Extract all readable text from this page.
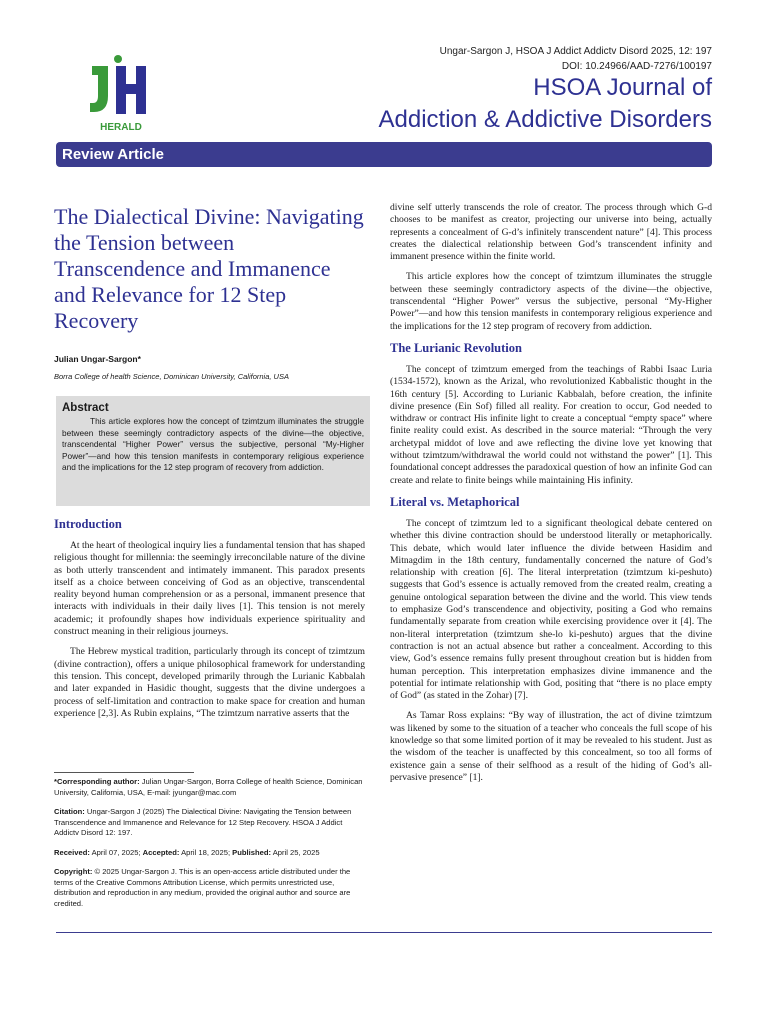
HERALD
Ungar-Sargon J, HSOA J Addict Addictv Disord 2025, 12: 197
DOI: 10.24966/AAD-7276/100197
HSOA Journal of
Addiction & Addictive Disorders
Review Article
The Dialectical Divine: Navigating the Tension between Transcendence and Immanence and Relevance for 12 Step Recovery

Julian Ungar-Sargon*

Borra College of health Science, Dominican University, California, USA

Abstract

This article explores how the concept of tzimtzum illuminates the struggle between these seemingly contradictory aspects of the divine—the objective, transcendental “Higher Power” versus the subjective, personal “My-Higher Power”—and how this tension manifests in contemporary religious experience and the implications for the 12 step program of recovery from addiction.

Introduction

At the heart of theological inquiry lies a fundamental tension that has shaped religious thought for millennia: the seemingly irreconcilable nature of the divine as both utterly transcendent and intimately immanent. This paradox presents itself as a choice between conceiving of God as an objective, transcendental reality beyond human comprehension or as a personal, immanent presence that interacts with individuals in their daily lives [1]. This tension is not merely academic; it profoundly shapes how individuals experience spirituality and construct meaning in their religious journeys.

The Hebrew mystical tradition, particularly through its concept of tzimtzum (divine contraction), offers a unique philosophical framework for understanding this tension. This concept, developed primarily through the Lurianic Kabbalah and later expanded in Hasidic thought, suggests that the divine undergoes a process of self-limitation and contraction to make space for creation and human experience [2,3]. As Rubin explains, “The tzimtzum narrative asserts that the

*Corresponding author: Julian Ungar-Sargon, Borra College of health Science, Dominican University, California, USA, E-mail: jyungar@mac.com

Citation: Ungar-Sargon J (2025) The Dialectical Divine: Navigating the Tension between Transcendence and Immanence and Relevance for 12 Step Recovery. HSOA J Addict Addictv Disord 12: 197.

Received: April 07, 2025; Accepted: April 18, 2025; Published: April 25, 2025

Copyright: © 2025 Ungar-Sargon J. This is an open-access article distributed under the terms of the Creative Commons Attribution License, which permits unrestricted use, distribution and reproduction in any medium, provided the original author and source are credited.

divine self utterly transcends the role of creator. The process through which G-d chooses to be manifest as creator, projecting our universe into being, actually represents a concealment of G-d’s infinitely transcendent nature” [4]. This process creates the dialectical relationship between God’s transcendent infinity and immanent presence within the finite world.

This article explores how the concept of tzimtzum illuminates the struggle between these seemingly contradictory aspects of the divine—the objective, transcendental “Higher Power” versus the subjective, personal “My-Higher Power”—and how this tension manifests in contemporary religious experience and the implications for the 12 step program of recovery from addiction.

The Lurianic Revolution

The concept of tzimtzum emerged from the teachings of Rabbi Isaac Luria (1534-1572), known as the Arizal, who revolutionized Kabbalistic thought in the 16th century [5]. According to Lurianic Kabbalah, before creation, the infinite divine presence (Ein Sof) filled all reality. For creation to occur, God needed to withdraw or contract His infinite light to create a conceptual “empty space” where finite reality could exist. As described in the source material: “Through the very archetypal middot of love and awe reflecting the divine love yet knowing that without tzimtzum/withdrawal the world could not withstand the power” [1]. This foundational concept addresses the paradoxical question of how an infinite God can create and relate to finite beings while maintaining His infinity.

Literal vs. Metaphorical

The concept of tzimtzum led to a significant theological debate centered on whether this divine contraction should be understood literally or metaphorically. This debate, which would later influence the divide between Hasidim and Mitnagdim in the 18th century, fundamentally concerned the nature of God’s relationship with creation [6]. The literal interpretation (tzimtzum ki-peshuto) suggests that God’s essence is actually removed from the created realm, creating a genuine ontological separation between the divine and the world. This view tends to emphasize God’s transcendence and objectivity, positing a God who remains fundamentally separate from creation while exercising providence over it [4]. The non-literal interpretation (tzimtzum she-lo ki-peshuto) argues that the divine contraction is not an actual absence but rather a concealment. According to this view, God’s essence remains fully present throughout creation but is hidden from human perception. This interpretation emphasizes divine immanence and the potential for intimate relationship with God, positing that “there is no place empty of God” (as stated in the Zohar) [7].

As Tamar Ross explains: “By way of illustration, the act of divine tzimtzum was likened by some to the situation of a teacher who conceals the full scope of his knowledge so that some limited portion of it may be revealed to his student. Just as the wisdom of the teacher is unaffected by this concealment, so too all forms of existence gain a sense of their selfhood as a result of the hiding of God’s all-pervasive presence” [1].
